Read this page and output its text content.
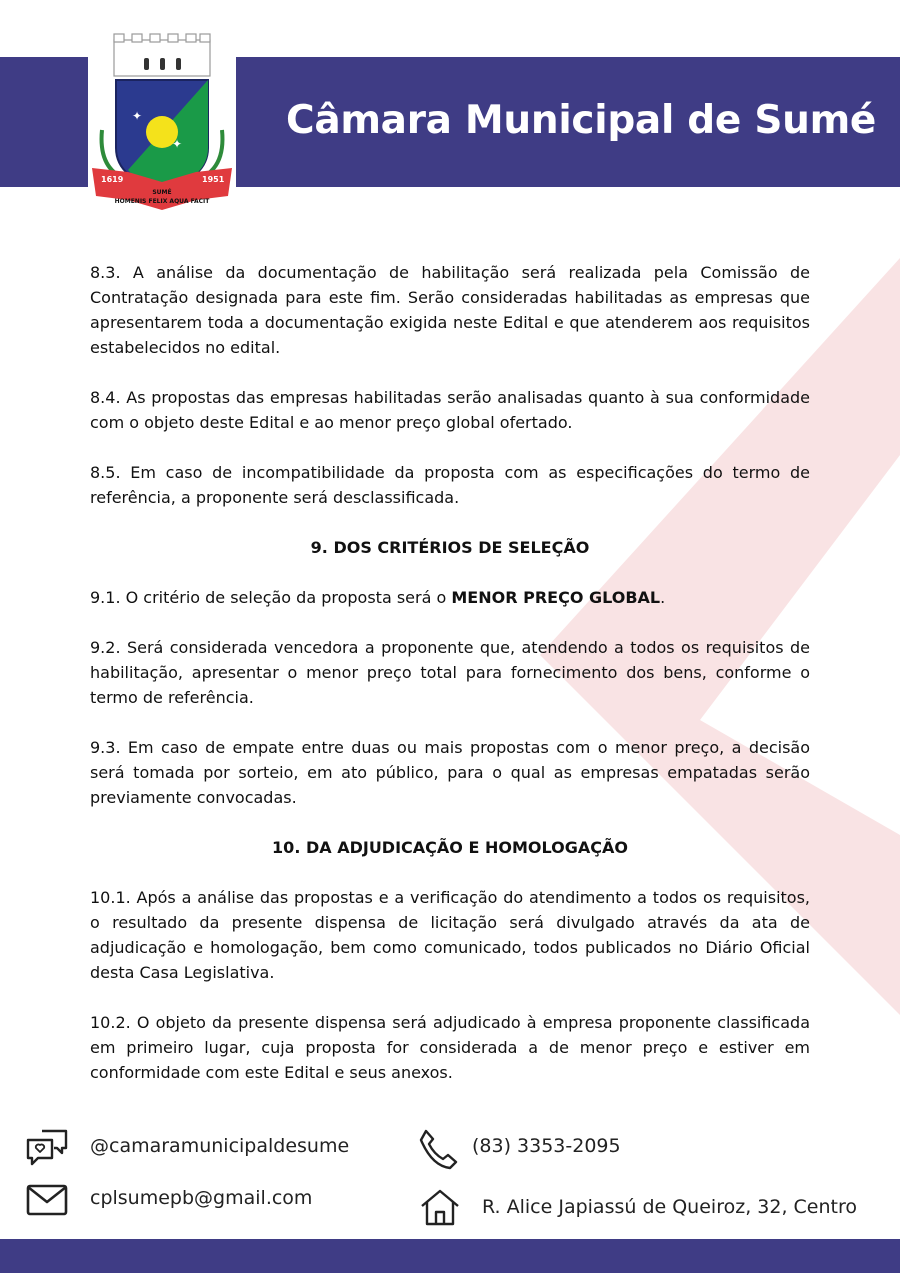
Câmara Municipal de Sumé
✦
✦
1619	1951
SUMÉ
HOMENIS FELIX AQUA FACIT

8.3. A análise da documentação de habilitação será realizada pela Comissão de Contratação designada para este fim. Serão consideradas habilitadas as empresas que apresentarem toda a documentação exigida neste Edital e que atenderem aos requisitos estabelecidos no edital.

8.4. As propostas das empresas habilitadas serão analisadas quanto à sua conformidade com o objeto deste Edital e ao menor preço global ofertado.

8.5. Em caso de incompatibilidade da proposta com as especificações do termo de referência, a proponente será desclassificada.

9. DOS CRITÉRIOS DE SELEÇÃO

9.1. O critério de seleção da proposta será o MENOR PREÇO GLOBAL.

9.2. Será considerada vencedora a proponente que, atendendo a todos os requisitos de habilitação, apresentar o menor preço total para fornecimento dos bens, conforme o termo de referência.

9.3. Em caso de empate entre duas ou mais propostas com o menor preço, a decisão será tomada por sorteio, em ato público, para o qual as empresas empatadas serão previamente convocadas.

10. DA ADJUDICAÇÃO E HOMOLOGAÇÃO

10.1. Após a análise das propostas e a verificação do atendimento a todos os requisitos, o resultado da presente dispensa de licitação será divulgado através da ata de adjudicação e homologação, bem como comunicado, todos publicados no Diário Oficial desta Casa Legislativa.

10.2. O objeto da presente dispensa será adjudicado à empresa proponente classificada em primeiro lugar, cuja proposta for considerada a de menor preço e estiver em conformidade com este Edital e seus anexos.

@camaramunicipaldesume	(83) 3353-2095
cplsumepb@gmail.com	R. Alice Japiassú de Queiroz, 32, Centro
